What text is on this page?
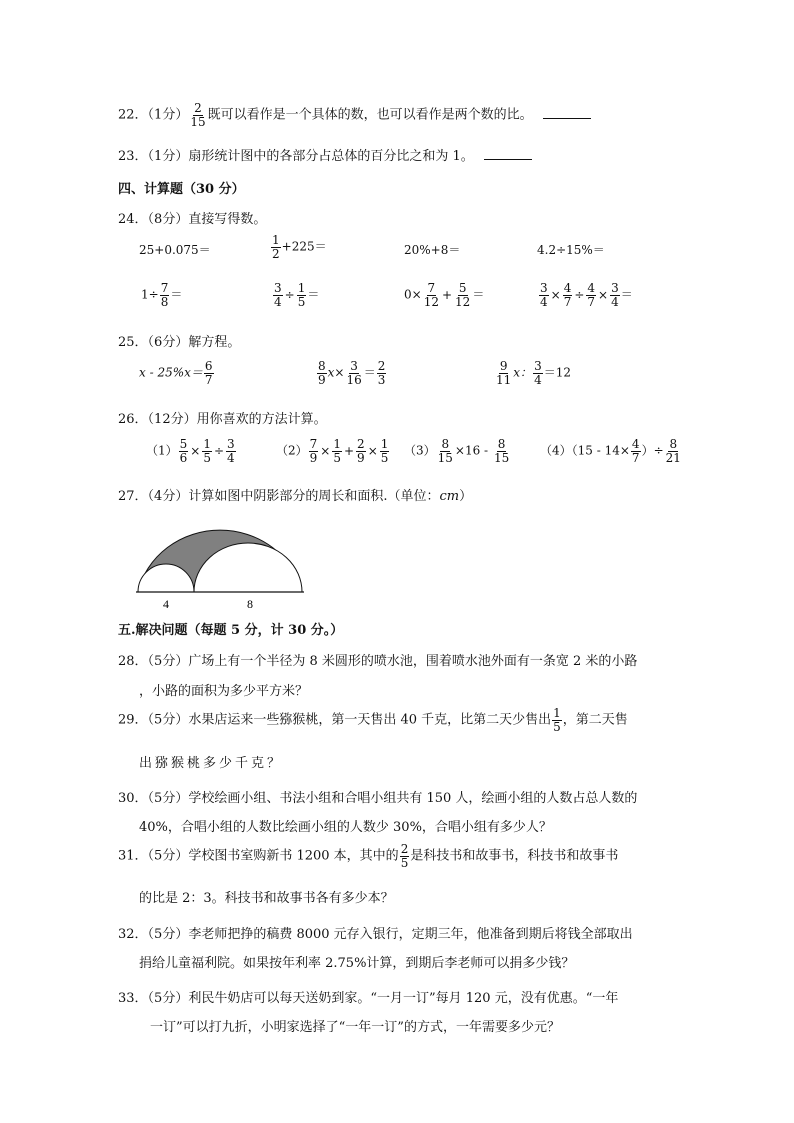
22．（1分） $\frac{2}{15}$ 既可以看作是一个具体的数，也可以看作是两个数的比。
23．（1分）扇形统计图中的各部分占总体的百分比之和为 1。
四、计算题（30 分）
24．（8分）直接写得数。
25+0.075＝	$\frac{1}{2} +225=$	20%+8＝	4.2÷15%＝
$1\div \frac{7}{8}$ ＝	$\frac{3}{4} \div \frac{1}{5}$ ＝	$0\times \frac{7}{12} + \frac{5}{12}$ ＝	$\frac{3}{4} \times \frac{4}{7} \div \frac{4}{7} \times \frac{3}{4}$ ＝
25．（6分）解方程。
$x - 25\%x= \frac{6}{7}$	$\frac{8}{9} x\times \frac{3}{16} = \frac{2}{3}$	$\frac{9}{11}$ x： $\frac{3}{4} =12$
26．（12分）用你喜欢的方法计算。
$(1) \frac{5}{6} \times \frac{1}{5} \div \frac{3}{4}$	$(2) \frac{7}{9} \times \frac{1}{5} + \frac{2}{9} \times \frac{1}{5} (3) \frac{8}{15} \times 16 - \frac{8}{15} (4)(15 - 14\times \frac{4}{7}$ ）÷ $\frac{8}{21}$
27．（4分）计算如图中阴影部分的周长和面积.（单位：cm）
4	8
五.解决问题（每题 5 分，计 30 分。）
28．（5分）广场上有一个半径为 8 米圆形的喷水池，围着喷水池外面有一条宽 2 米的小路
，小路的面积为多少平方米？
29．（5分）水果店运来一些猕猴桃，第一天售出 40 千克，比第二天少售出 $\frac{1}{5}$ ，第二天售
出猕猴桃多少千克？
30．（5分）学校绘画小组、书法小组和合唱小组共有 150 人，绘画小组的人数占总人数的
40%，合唱小组的人数比绘画小组的人数少 30%，合唱小组有多少人？
31．（5分）学校图书室购新书 1200 本，其中的 $\frac{2}{5}$ 是科技书和故事书，科技书和故事书
的比是 2：3。科技书和故事书各有多少本？
32．（5分）李老师把挣的稿费 8000 元存入银行，定期三年，他准备到期后将钱全部取出
捐给儿童福利院。如果按年利率 2.75%计算，到期后李老师可以捐多少钱？
33．（5分）利民牛奶店可以每天送奶到家。“一月一订”每月 120 元，没有优惠。“一年
一订”可以打九折，小明家选择了“一年一订”的方式，一年需要多少元？
